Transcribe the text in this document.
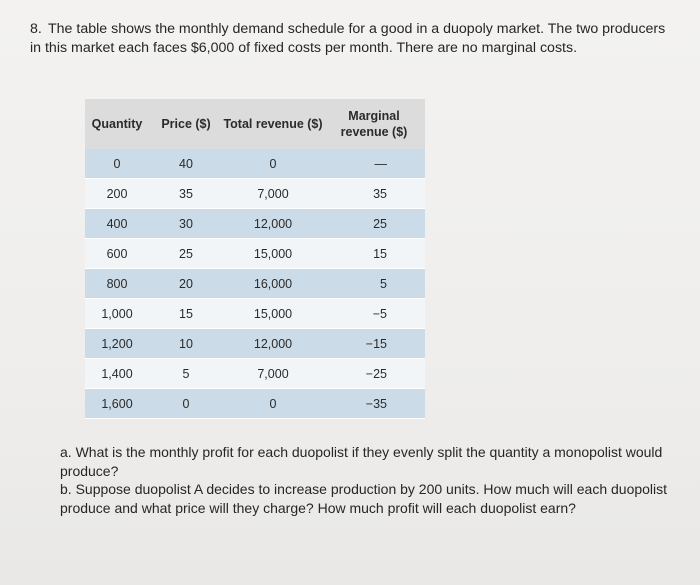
8. The table shows the monthly demand schedule for a good in a duopoly market. The two producers in this market each faces $6,000 of fixed costs per month. There are no marginal costs.
Quantity	Price ($)	Total revenue ($)	Marginal revenue ($)
0	40	0	—
200	35	7,000	35
400	30	12,000	25
600	25	15,000	15
800	20	16,000	5
1,000	15	15,000	−5
1,200	10	12,000	−15
1,400	5	7,000	−25
1,600	0	0	−35

a. What is the monthly profit for each duopolist if they evenly split the quantity a monopolist would produce?

b. Suppose duopolist A decides to increase production by 200 units. How much will each duopolist produce and what price will they charge? How much profit will each duopolist earn?
